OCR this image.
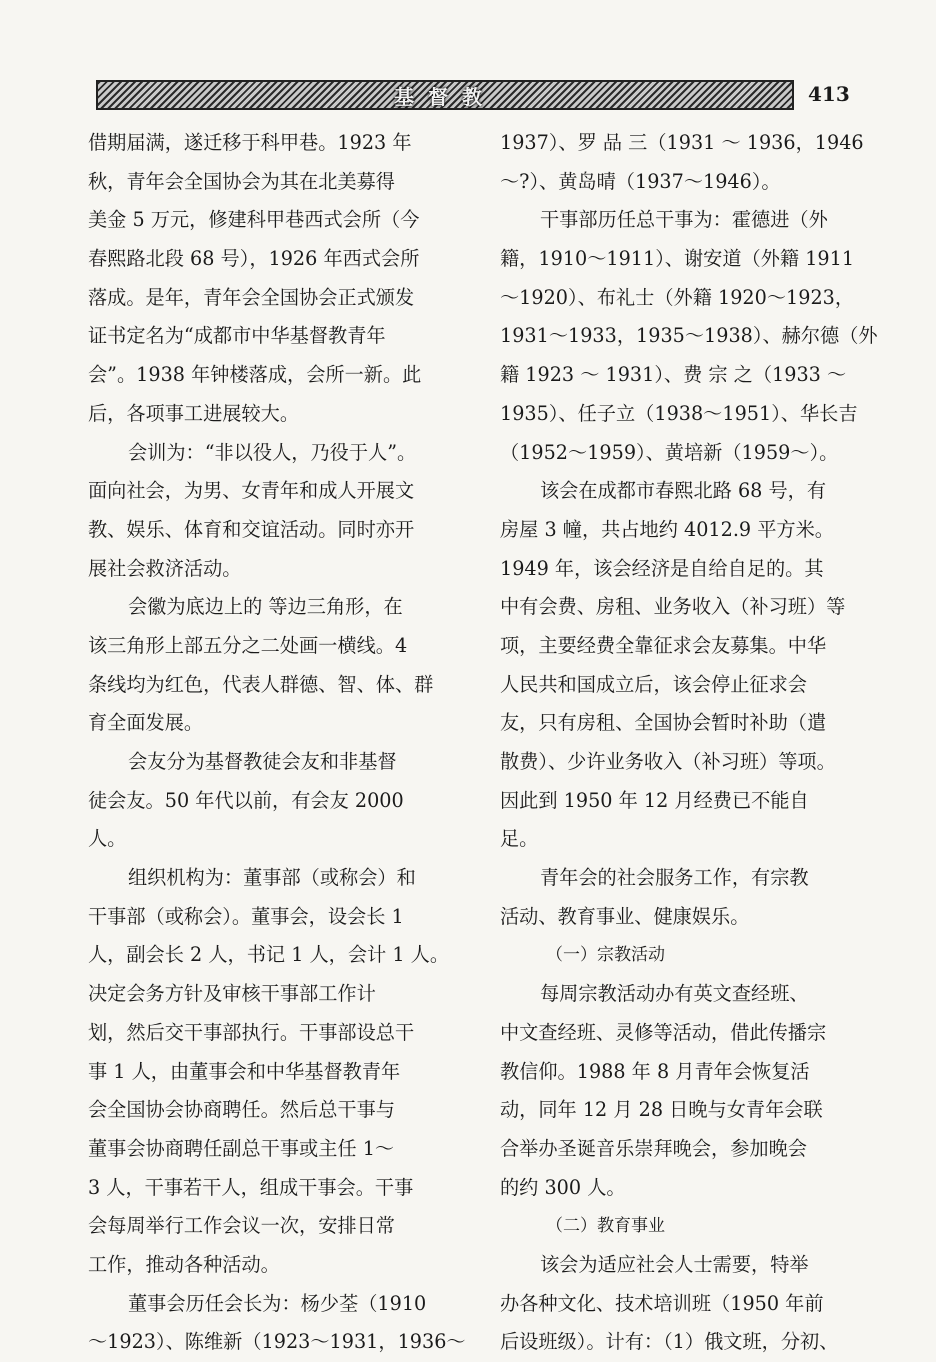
基督教	413
借期届满，遂迁移于科甲巷。1923 年
秋，青年会全国协会为其在北美募得
美金 5 万元，修建科甲巷西式会所（今
春熙路北段 68 号），1926 年西式会所
落成。是年，青年会全国协会正式颁发
证书定名为“成都市中华基督教青年
会”。1938 年钟楼落成，会所一新。此
后，各项事工进展较大。
会训为：“非以役人，乃役于人”。
面向社会，为男、女青年和成人开展文
教、娱乐、体育和交谊活动。同时亦开
展社会救济活动。
会徽为底边上的 等边三角形，在
该三角形上部五分之二处画一横线。4
条线均为红色，代表人群德、智、体、群
育全面发展。
会友分为基督教徒会友和非基督
徒会友。50 年代以前，有会友 2000
人。
组织机构为：董事部（或称会）和
干事部（或称会）。董事会，设会长 1
人，副会长 2 人，书记 1 人，会计 1 人。
决定会务方针及审核干事部工作计
划，然后交干事部执行。干事部设总干
事 1 人，由董事会和中华基督教青年
会全国协会协商聘任。然后总干事与
董事会协商聘任副总干事或主任 1～
3 人，干事若干人，组成干事会。干事
会每周举行工作会议一次，安排日常
工作，推动各种活动。
董事会历任会长为：杨少荃（1910
～1923）、陈维新（1923～1931，1936～
1937）、罗 品 三（1931 ～ 1936，1946
～?）、黄岛晴（1937～1946）。
干事部历任总干事为：霍德进（外
籍，1910～1911）、谢安道（外籍 1911
～1920）、布礼士（外籍 1920～1923，
1931～1933，1935～1938）、赫尔德（外
籍 1923 ～ 1931）、费 宗 之（1933 ～
1935）、任子立（1938～1951）、华长吉
（1952～1959）、黄培新（1959～）。
该会在成都市春熙北路 68 号，有
房屋 3 幢，共占地约 4012.9 平方米。
1949 年，该会经济是自给自足的。其
中有会费、房租、业务收入（补习班）等
项，主要经费全靠征求会友募集。中华
人民共和国成立后，该会停止征求会
友，只有房租、全国协会暂时补助（遣
散费）、少许业务收入（补习班）等项。
因此到 1950 年 12 月经费已不能自
足。
青年会的社会服务工作，有宗教
活动、教育事业、健康娱乐。
（一）宗教活动
每周宗教活动办有英文查经班、
中文查经班、灵修等活动，借此传播宗
教信仰。1988 年 8 月青年会恢复活
动，同年 12 月 28 日晚与女青年会联
合举办圣诞音乐崇拜晚会，参加晚会
的约 300 人。
（二）教育事业
该会为适应社会人士需要，特举
办各种文化、技术培训班（1950 年前
后设班级）。计有：（1）俄文班，分初、
